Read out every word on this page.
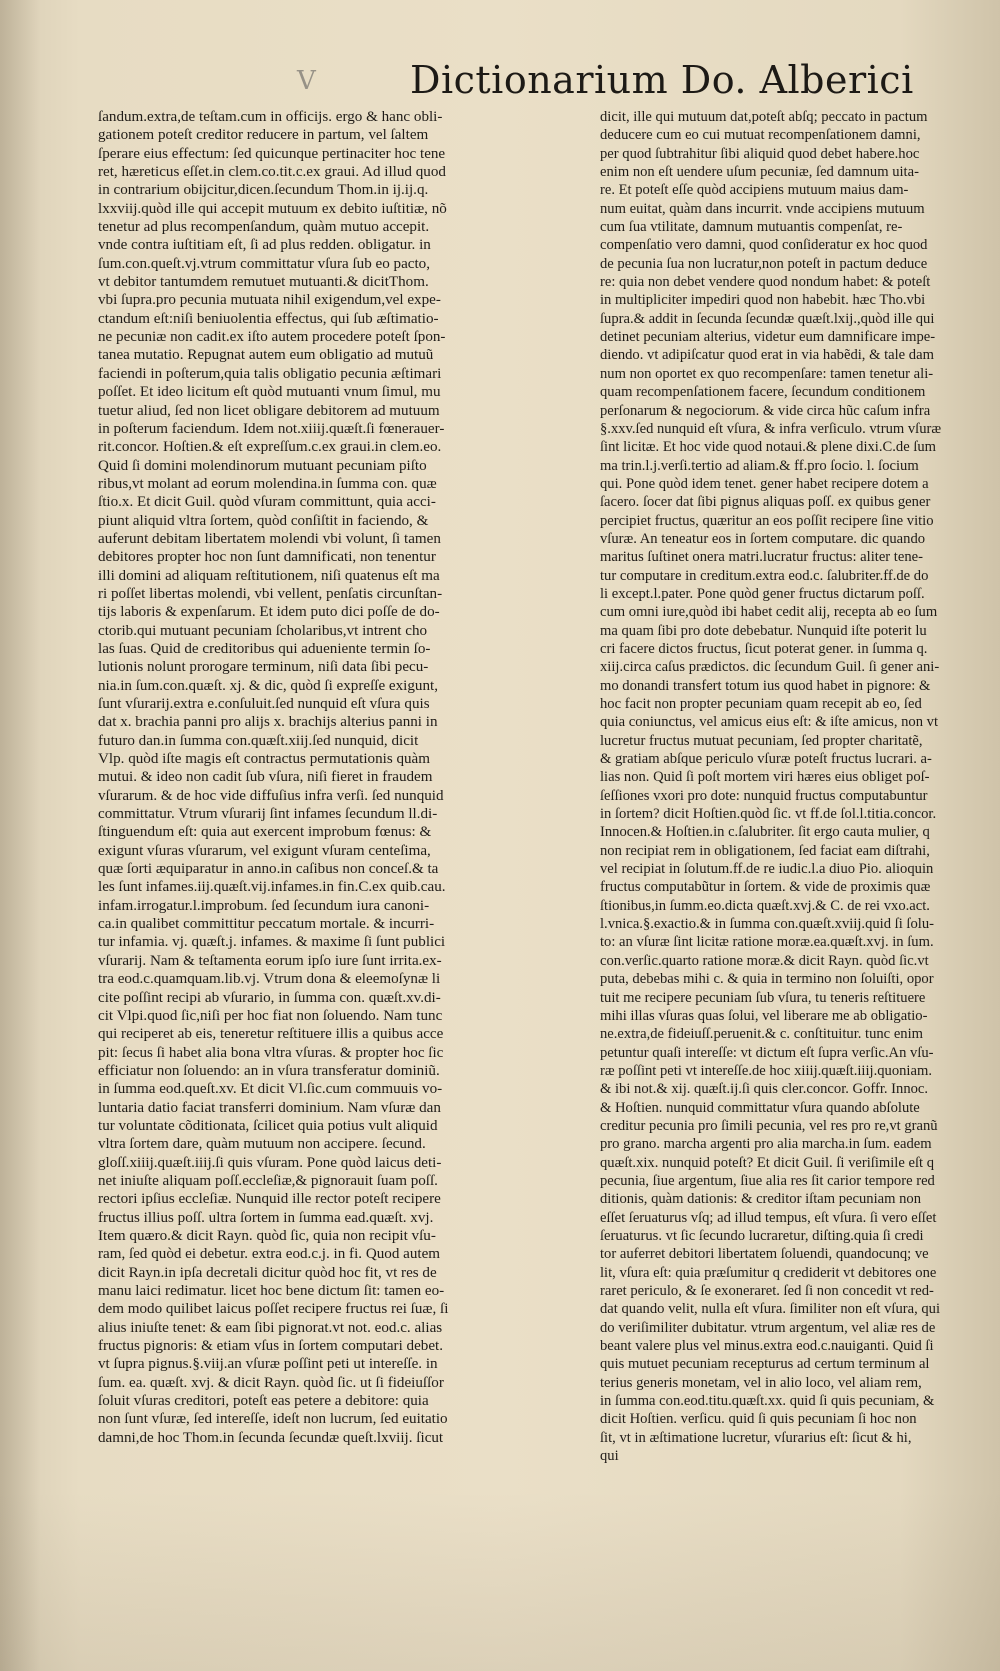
V Dictionarium Do. Alberici
ſandum.extra,de teſtam.cum in officijs. ergo & hanc obli-
gationem poteſt creditor reducere in partum, vel ſaltem
ſperare eius effectum: ſed quicunque pertinaciter hoc tene
ret, hæreticus eſſet.in clem.co.tit.c.ex graui. Ad illud quod
in contrarium obijcitur,dicen.ſecundum Thom.in ij.ij.q.
lxxviij.quòd ille qui accepit mutuum ex debito iuſtitiæ, nõ
tenetur ad plus recompenſandum, quàm mutuo accepit.
vnde contra iuſtitiam eſt, ſi ad plus redden. obligatur. in
ſum.con.queſt.vj.vtrum committatur vſura ſub eo pacto,
vt debitor tantumdem remutuet mutuanti.& dicitThom.
vbi ſupra.pro pecunia mutuata nihil exigendum,vel expe-
ctandum eſt:niſi beniuolentia effectus, qui ſub æſtimatio-
ne pecuniæ non cadit.ex iſto autem procedere poteſt ſpon-
tanea mutatio. Repugnat autem eum obligatio ad mutuũ
faciendi in poſterum,quia talis obligatio pecunia æſtimari
poſſet. Et ideo licitum eſt quòd mutuanti vnum ſimul, mu
tuetur aliud, ſed non licet obligare debitorem ad mutuum
in poſterum faciendum. Idem not.xiiij.quæſt.ſi fœnerauer-
rit.concor. Hoſtien.& eſt expreſſum.c.ex graui.in clem.eo.
Quid ſi domini molendinorum mutuant pecuniam piſto
ribus,vt molant ad eorum molendina.in ſumma con. quæ
ſtio.x. Et dicit Guil. quòd vſuram committunt, quia acci-
piunt aliquid vltra ſortem, quòd conſiſtit in faciendo, &
auferunt debitam libertatem molendi vbi volunt, ſi tamen
debitores propter hoc non ſunt damnificati, non tenentur
illi domini ad aliquam reſtitutionem, niſi quatenus eſt ma
ri poſſet libertas molendi, vbi vellent, penſatis circunſtan-
tijs laboris & expenſarum. Et idem puto dici poſſe de do-
ctorib.qui mutuant pecuniam ſcholaribus,vt intrent cho
las ſuas. Quid de creditoribus qui adueniente termin ſo-
lutionis nolunt prorogare terminum, niſi data ſibi pecu-
nia.in ſum.con.quæſt. xj. & dic, quòd ſi expreſſe exigunt,
ſunt vſurarij.extra e.conſuluit.ſed nunquid eſt vſura quis
dat x. brachia panni pro alijs x. brachijs alterius panni in
futuro dan.in ſumma con.quæſt.xiij.ſed nunquid, dicit
Vlp. quòd iſte magis eſt contractus permutationis quàm
mutui. & ideo non cadit ſub vſura, niſi fieret in fraudem
vſurarum. & de hoc vide diffuſius infra verſi. ſed nunquid
committatur. Vtrum vſurarij ſint infames ſecundum ll.di-
ſtinguendum eſt: quia aut exercent improbum fœnus: &
exigunt vſuras vſurarum, vel exigunt vſuram centeſima,
quæ ſorti æquiparatur in anno.in caſibus non conceſ.& ta
les ſunt infames.iij.quæſt.vij.infames.in fin.C.ex quib.cau.
infam.irrogatur.l.improbum. ſed ſecundum iura canoni-
ca.in qualibet committitur peccatum mortale. & incurri-
tur infamia. vj. quæſt.j. infames. & maxime ſi ſunt publici
vſurarij. Nam & teſtamenta eorum ipſo iure ſunt irrita.ex-
tra eod.c.quamquam.lib.vj. Vtrum dona & eleemoſynæ li
cite poſſint recipi ab vſurario, in ſumma con. quæſt.xv.di-
cit Vlpi.quod ſic,niſi per hoc fiat non ſoluendo. Nam tunc
qui reciperet ab eis, teneretur reſtituere illis a quibus acce
pit: ſecus ſi habet alia bona vltra vſuras. & propter hoc ſic
efficiatur non ſoluendo: an in vſura transferatur dominiũ.
in ſumma eod.queſt.xv. Et dicit Vl.ſic.cum commuuis vo-
luntaria datio faciat transferri dominium. Nam vſuræ dan
tur voluntate cõditionata, ſcilicet quia potius vult aliquid
vltra ſortem dare, quàm mutuum non accipere. ſecund.
gloſſ.xiiij.quæſt.iiij.ſi quis vſuram. Pone quòd laicus deti-
net iniuſte aliquam poſſ.eccleſiæ,& pignorauit ſuam poſſ.
rectori ipſius eccleſiæ. Nunquid ille rector poteſt recipere
fructus illius poſſ. ultra ſortem in ſumma ead.quæſt. xvj.
Item quæro.& dicit Rayn. quòd ſic, quia non recipit vſu-
ram, ſed quòd ei debetur. extra eod.c.j. in fi. Quod autem
dicit Rayn.in ipſa decretali dicitur quòd hoc fit, vt res de
manu laici redimatur. licet hoc bene dictum ſit: tamen eo-
dem modo quilibet laicus poſſet recipere fructus rei ſuæ, ſi
alius iniuſte tenet: & eam ſibi pignorat.vt not. eod.c. alias
fructus pignoris: & etiam vſus in ſortem computari debet.
vt ſupra pignus.§.viij.an vſuræ poſſint peti ut intereſſe. in
ſum. ea. quæſt. xvj. & dicit Rayn. quòd ſic. ut ſi fideiuſſor
ſoluit vſuras creditori, poteſt eas petere a debitore: quia
non ſunt vſuræ, ſed intereſſe, ideſt non lucrum, ſed euitatio
damni,de hoc Thom.in ſecunda ſecundæ queſt.lxviij. ſicut
dicit, ille qui mutuum dat,poteſt abſq; peccato in pactum
deducere cum eo cui mutuat recompenſationem damni,
per quod ſubtrahitur ſibi aliquid quod debet habere.hoc
enim non eſt uendere uſum pecuniæ, ſed damnum uita-
re. Et poteſt eſſe quòd accipiens mutuum maius dam-
num euitat, quàm dans incurrit. vnde accipiens mutuum
cum ſua vtilitate, damnum mutuantis compenſat, re-
compenſatio vero damni, quod conſideratur ex hoc quod
de pecunia ſua non lucratur,non poteſt in pactum deduce
re: quia non debet vendere quod nondum habet: & poteſt
in multipliciter impediri quod non habebit. hæc Tho.vbi
ſupra.& addit in ſecunda ſecundæ quæſt.lxij.,quòd ille qui
detinet pecuniam alterius, videtur eum damnificare impe-
diendo. vt adipiſcatur quod erat in via habẽdi, & tale dam
num non oportet ex quo recompenſare: tamen tenetur ali-
quam recompenſationem facere, ſecundum conditionem
perſonarum & negociorum. & vide circa hũc caſum infra
§.xxv.ſed nunquid eſt vſura, & infra verſiculo. vtrum vſuræ
ſint licitæ. Et hoc vide quod notaui.& plene dixi.C.de ſum
ma trin.l.j.verſi.tertio ad aliam.& ff.pro ſocio. l. ſocium
qui. Pone quòd idem tenet. gener habet recipere dotem a
ſacero. ſocer dat ſibi pignus aliquas poſſ. ex quibus gener
percipiet fructus, quæritur an eos poſſit recipere ſine vitio
vſuræ. An teneatur eos in ſortem computare. dic quando
maritus ſuſtinet onera matri.lucratur fructus: aliter tene-
tur computare in creditum.extra eod.c. ſalubriter.ff.de do
li except.l.pater. Pone quòd gener fructus dictarum poſſ.
cum omni iure,quòd ibi habet cedit alij, recepta ab eo ſum
ma quam ſibi pro dote debebatur. Nunquid iſte poterit lu
cri facere dictos fructus, ſicut poterat gener. in ſumma q.
xiij.circa caſus prædictos. dic ſecundum Guil. ſi gener ani-
mo donandi transfert totum ius quod habet in pignore: &
hoc facit non propter pecuniam quam recepit ab eo, ſed
quia coniunctus, vel amicus eius eſt: & iſte amicus, non vt
lucretur fructus mutuat pecuniam, ſed propter charitatẽ,
& gratiam abſque periculo vſuræ poteſt fructus lucrari. a-
lias non. Quid ſi poſt mortem viri hæres eius obliget poſ-
ſeſſiones vxori pro dote: nunquid fructus computabuntur
in ſortem? dicit Hoſtien.quòd ſic. vt ff.de ſol.l.titia.concor.
Innocen.& Hoſtien.in c.ſalubriter. ſit ergo cauta mulier, q
non recipiat rem in obligationem, ſed faciat eam diſtrahi,
vel recipiat in ſolutum.ff.de re iudic.l.a diuo Pio. alioquin
fructus computabũtur in ſortem. & vide de proximis quæ
ſtionibus,in ſumm.eo.dicta quæſt.xvj.& C. de rei vxo.act.
l.vnica.§.exactio.& in ſumma con.quæſt.xviij.quid ſi ſolu-
to: an vſuræ ſint licitæ ratione moræ.ea.quæſt.xvj. in ſum.
con.verſic.quarto ratione moræ.& dicit Rayn. quòd ſic.vt
puta, debebas mihi c. & quia in termino non ſoluiſti, opor
tuit me recipere pecuniam ſub vſura, tu teneris reſtituere
mihi illas vſuras quas ſolui, vel liberare me ab obligatio-
ne.extra,de fideiuſſ.peruenit.& c. conſtituitur. tunc enim
petuntur quaſi intereſſe: vt dictum eſt ſupra verſic.An vſu-
ræ poſſint peti vt intereſſe.de hoc xiiij.quæſt.iiij.quoniam.
& ibi not.& xij. quæſt.ij.ſi quis cler.concor. Goffr. Innoc.
& Hoſtien. nunquid committatur vſura quando abſolute
creditur pecunia pro ſimili pecunia, vel res pro re,vt granũ
pro grano. marcha argenti pro alia marcha.in ſum. eadem
quæſt.xix. nunquid poteſt? Et dicit Guil. ſi veriſimile eſt q
pecunia, ſiue argentum, ſiue alia res ſit carior tempore red
ditionis, quàm dationis: & creditor iſtam pecuniam non
eſſet ſeruaturus vſq; ad illud tempus, eſt vſura. ſi vero eſſet
ſeruaturus. vt ſic ſecundo lucraretur, diſting.quia ſi credi
tor auferret debitori libertatem ſoluendi, quandocunq; ve
lit, vſura eſt: quia præſumitur q crediderit vt debitores one
raret periculo, & ſe exoneraret. ſed ſi non concedit vt red-
dat quando velit, nulla eſt vſura. ſimiliter non eſt vſura, qui
do veriſimiliter dubitatur. vtrum argentum, vel aliæ res de
beant valere plus vel minus.extra eod.c.nauiganti. Quid ſi
quis mutuet pecuniam recepturus ad certum terminum al
terius generis monetam, vel in alio loco, vel aliam rem,
in ſumma con.eod.titu.quæſt.xx. quid ſi quis pecuniam, &
dicit Hoſtien. verſicu. quid ſi quis pecuniam ſi hoc non
ſit, vt in æſtimatione lucretur, vſurarius eſt: ſicut & hi,
qui
